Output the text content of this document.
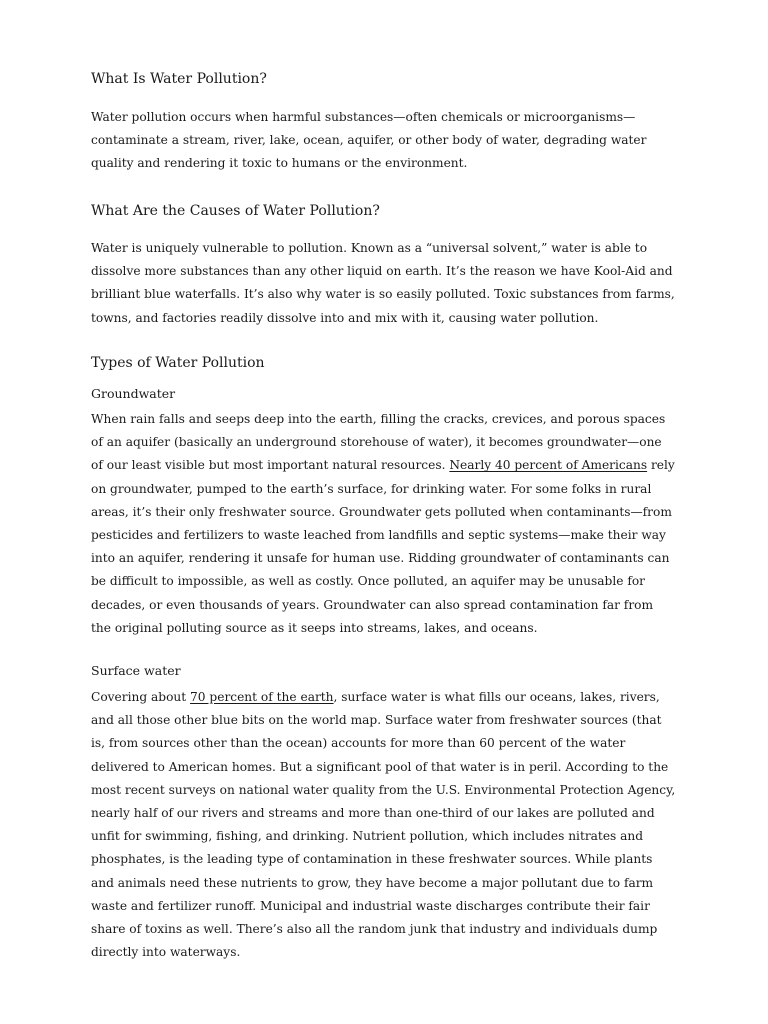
What Is Water Pollution?

Water pollution occurs when harmful substances—often chemicals or microorganisms—contaminate a stream, river, lake, ocean, aquifer, or other body of water, degrading water quality and rendering it toxic to humans or the environment.

What Are the Causes of Water Pollution?

Water is uniquely vulnerable to pollution. Known as a “universal solvent,” water is able to dissolve more substances than any other liquid on earth. It’s the reason we have Kool-Aid and brilliant blue waterfalls. It’s also why water is so easily polluted. Toxic substances from farms, towns, and factories readily dissolve into and mix with it, causing water pollution.

Types of Water Pollution
Groundwater

When rain falls and seeps deep into the earth, filling the cracks, crevices, and porous spaces of an aquifer (basically an underground storehouse of water), it becomes groundwater—one of our least visible but most important natural resources. Nearly 40 percent of Americans rely on groundwater, pumped to the earth’s surface, for drinking water. For some folks in rural areas, it’s their only freshwater source. Groundwater gets polluted when contaminants—from pesticides and fertilizers to waste leached from landfills and septic systems—make their way into an aquifer, rendering it unsafe for human use. Ridding groundwater of contaminants can be difficult to impossible, as well as costly. Once polluted, an aquifer may be unusable for decades, or even thousands of years. Groundwater can also spread contamination far from the original polluting source as it seeps into streams, lakes, and oceans.

Surface water

Covering about 70 percent of the earth, surface water is what fills our oceans, lakes, rivers, and all those other blue bits on the world map. Surface water from freshwater sources (that is, from sources other than the ocean) accounts for more than 60 percent of the water delivered to American homes. But a significant pool of that water is in peril. According to the most recent surveys on national water quality from the U.S. Environmental Protection Agency, nearly half of our rivers and streams and more than one-third of our lakes are polluted and unfit for swimming, fishing, and drinking. Nutrient pollution, which includes nitrates and phosphates, is the leading type of contamination in these freshwater sources. While plants and animals need these nutrients to grow, they have become a major pollutant due to farm waste and fertilizer runoff. Municipal and industrial waste discharges contribute their fair share of toxins as well. There’s also all the random junk that industry and individuals dump directly into waterways.
